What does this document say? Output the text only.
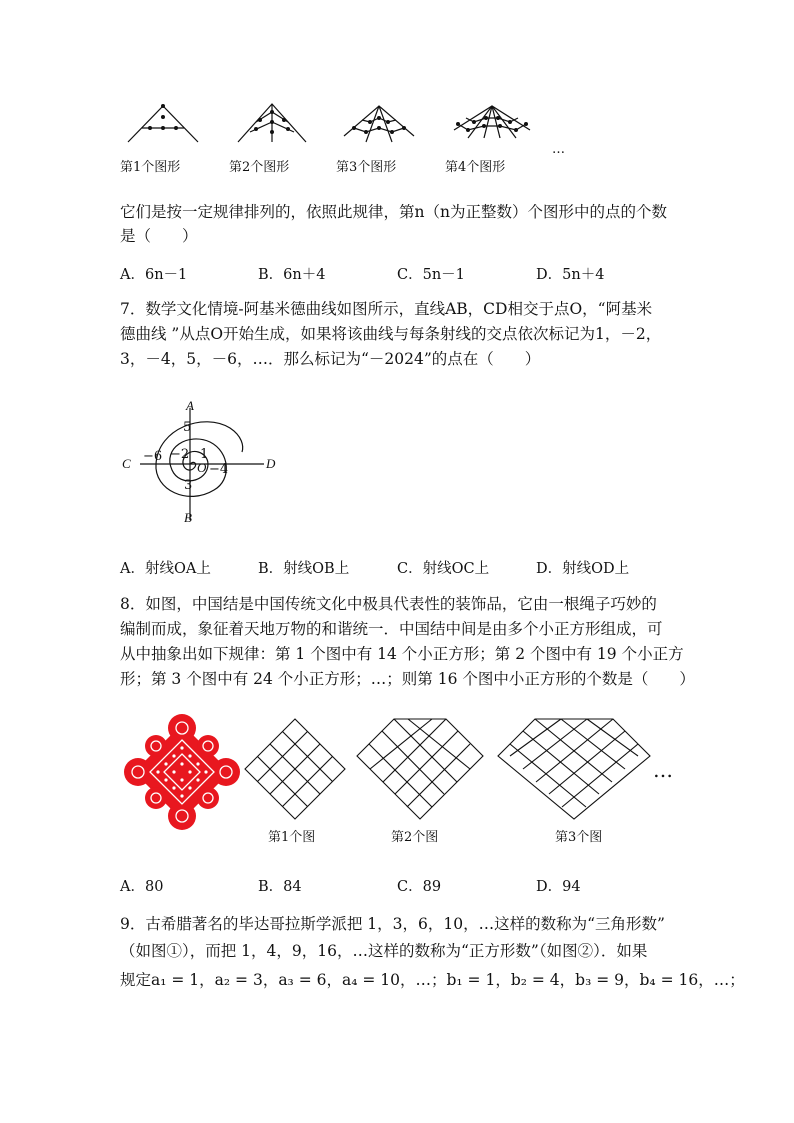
第1个图形	第2个图形	第3个图形	第4个图形
…
它们是按一定规律排列的，依照此规律，第n（n为正整数）个图形中的点的个数
是（　　）
A．6n－1	B．6n＋4	C．5n－1	D．5n＋4
7．数学文化情境-阿基米德曲线如图所示，直线AB，CD相交于点O，“阿基米
德曲线 ”从点O开始生成，如果将该曲线与每条射线的交点依次标记为1，－2，
3，－4，5，－6，…．那么标记为“－2024”的点在（　　）
A
5
−2 1
−6
C	O −4	D
3
B
A．射线OA上	B．射线OB上	C．射线OC上	D．射线OD上
8．如图，中国结是中国传统文化中极具代表性的装饰品，它由一根绳子巧妙的
编制而成，象征着天地万物的和谐统一．中国结中间是由多个小正方形组成，可
从中抽象出如下规律：第 1 个图中有 14 个小正方形；第 2 个图中有 19 个小正方
形；第 3 个图中有 24 个小正方形；…；则第 16 个图中小正方形的个数是（　　）
…
第1个图	第2个图	第3个图
A．80	B．84	C．89	D．94
9．古希腊著名的毕达哥拉斯学派把 1，3，6，10，…这样的数称为“三角形数”
（如图①），而把 1，4，9，16，…这样的数称为“正方形数”（如图②）．如果
规定a₁ = 1，a₂ = 3，a₃ = 6，a₄ = 10，…；b₁ = 1，b₂ = 4，b₃ = 9，b₄ = 16，…；
